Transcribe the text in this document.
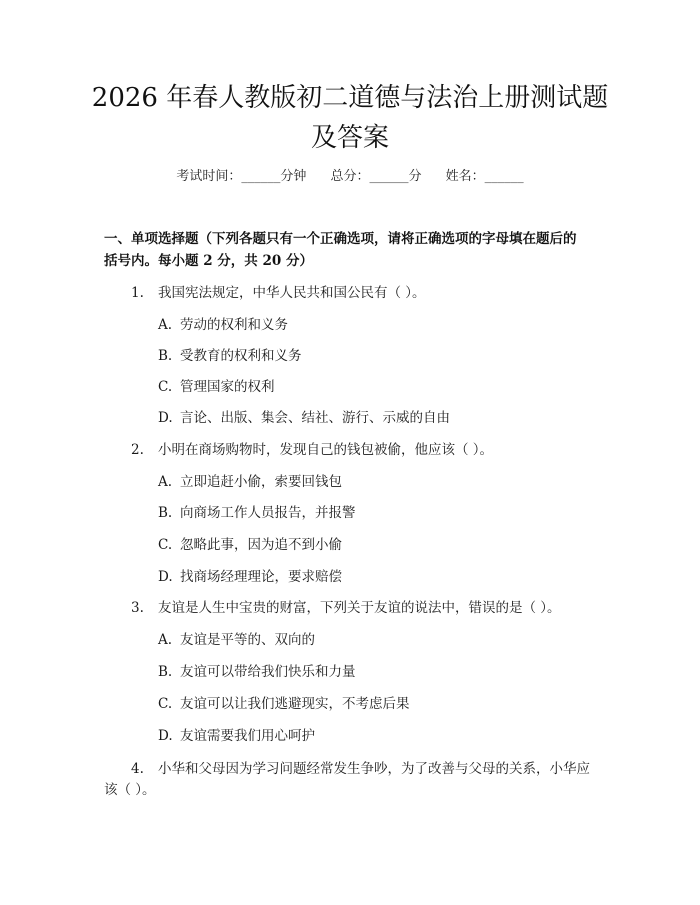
2026 年春人教版初二道德与法治上册测试题
及答案
考试时间：______分钟 总分：______分 姓名：______
一、单项选择题（下列各题只有一个正确选项，请将正确选项的字母填在题后的
括号内。每小题 2 分，共 20 分）
1. 我国宪法规定，中华人民共和国公民有（ ）。
A. 劳动的权利和义务
B. 受教育的权利和义务
C. 管理国家的权利
D. 言论、出版、集会、结社、游行、示威的自由
2. 小明在商场购物时，发现自己的钱包被偷，他应该（ ）。
A. 立即追赶小偷，索要回钱包
B. 向商场工作人员报告，并报警
C. 忽略此事，因为追不到小偷
D. 找商场经理理论，要求赔偿
3. 友谊是人生中宝贵的财富，下列关于友谊的说法中，错误的是（ ）。
A. 友谊是平等的、双向的
B. 友谊可以带给我们快乐和力量
C. 友谊可以让我们逃避现实，不考虑后果
D. 友谊需要我们用心呵护
4. 小华和父母因为学习问题经常发生争吵，为了改善与父母的关系，小华应
该（ ）。
